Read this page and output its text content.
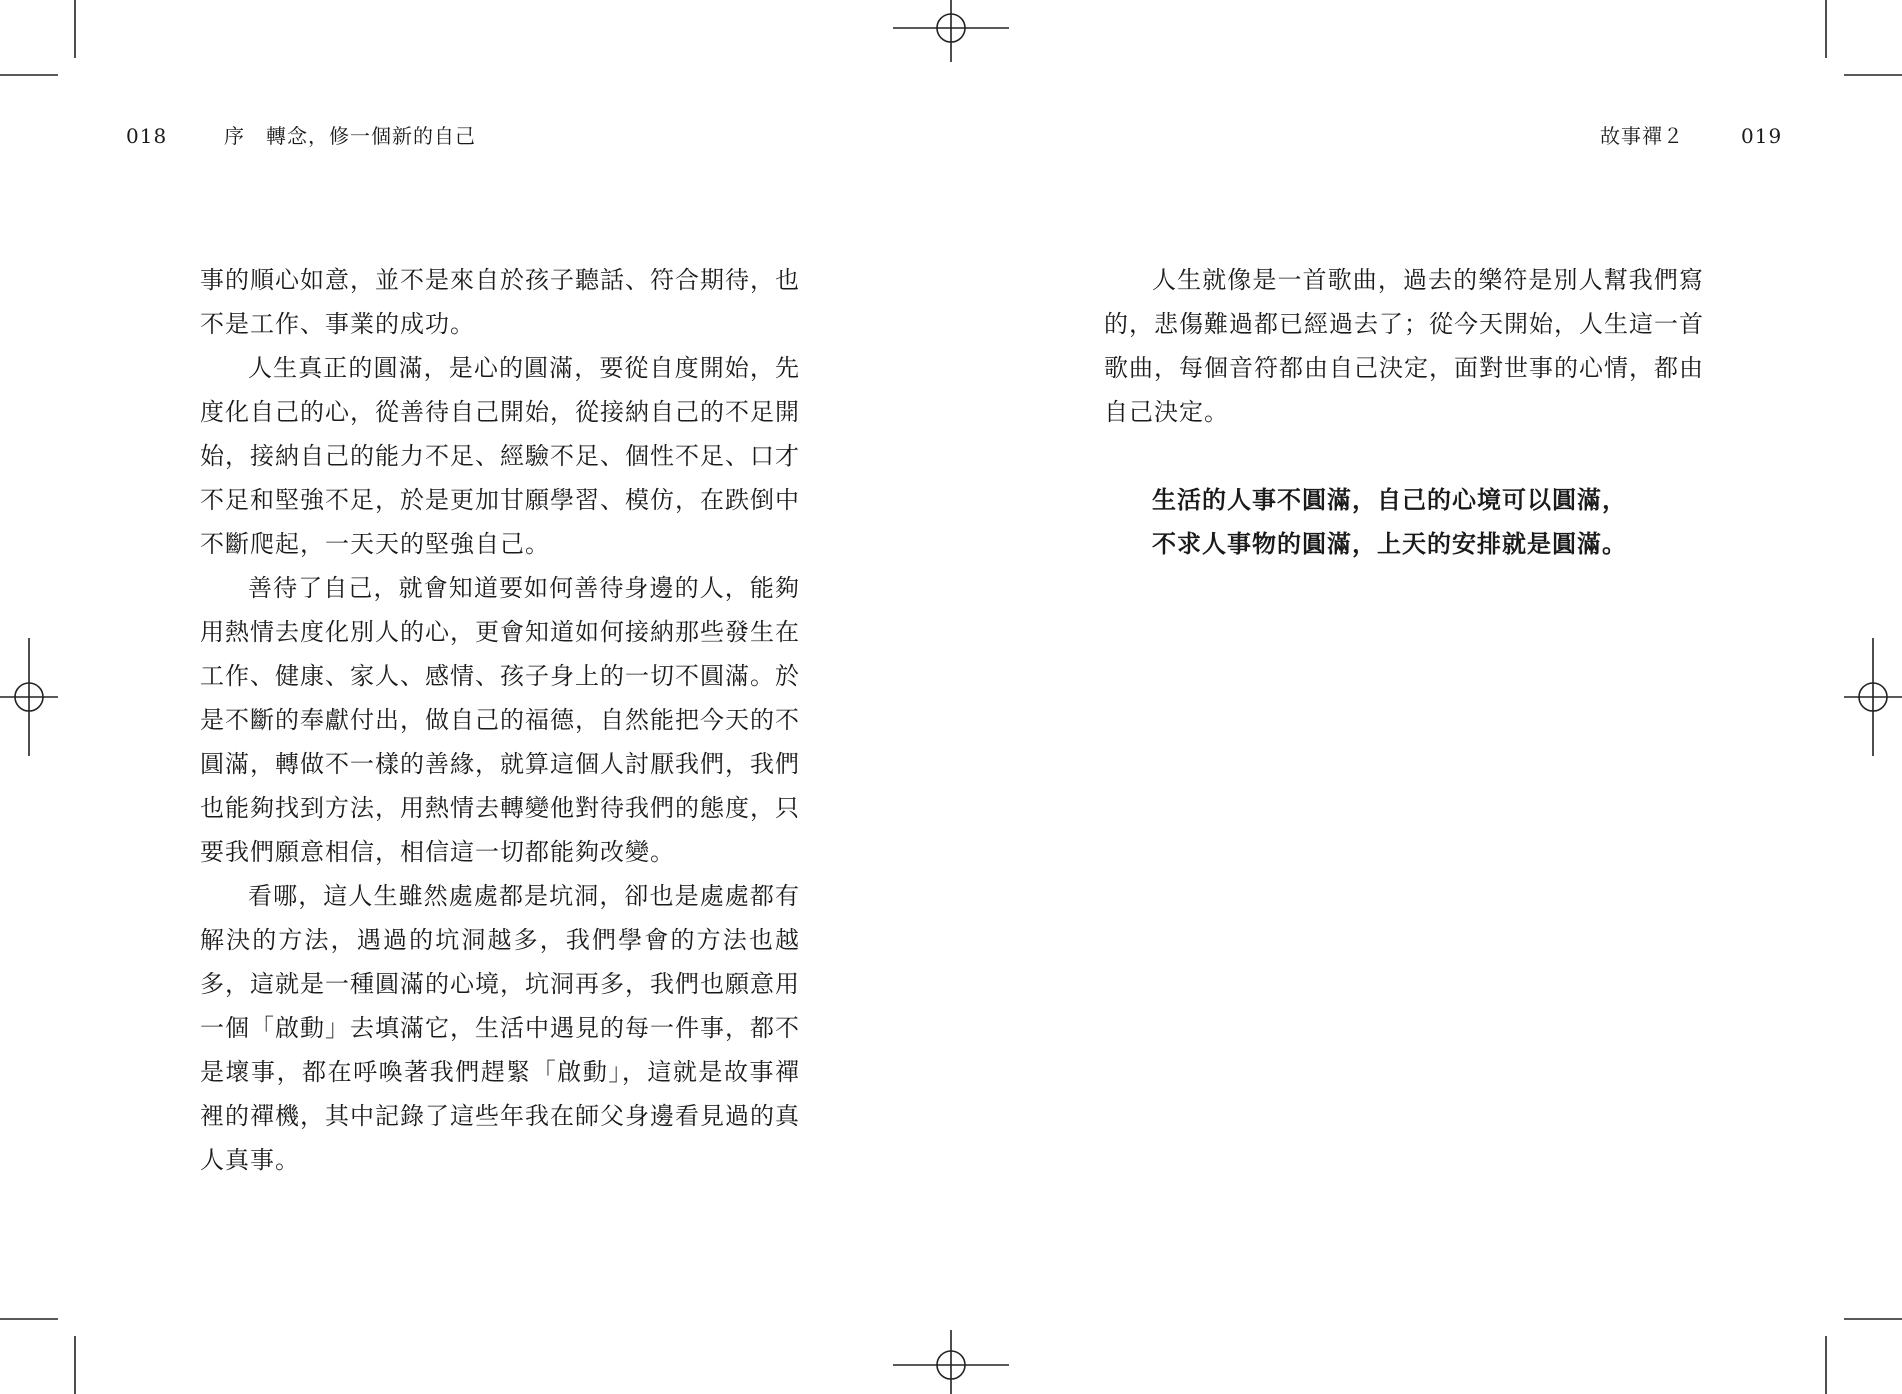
018	序　轉念，修一個新的自己	故事禪２	019

事的順心如意，並不是來自於孩子聽話、符合期待，也不是工作、事業的成功。

人生真正的圓滿，是心的圓滿，要從自度開始，先度化自己的心，從善待自己開始，從接納自己的不足開始，接納自己的能力不足、經驗不足、個性不足、口才不足和堅強不足，於是更加甘願學習、模仿，在跌倒中不斷爬起，一天天的堅強自己。

善待了自己，就會知道要如何善待身邊的人，能夠用熱情去度化別人的心，更會知道如何接納那些發生在工作、健康、家人、感情、孩子身上的一切不圓滿。於是不斷的奉獻付出，做自己的福德，自然能把今天的不圓滿，轉做不一樣的善緣，就算這個人討厭我們，我們也能夠找到方法，用熱情去轉變他對待我們的態度，只要我們願意相信，相信這一切都能夠改變。

看哪，這人生雖然處處都是坑洞，卻也是處處都有解決的方法，遇過的坑洞越多，我們學會的方法也越多，這就是一種圓滿的心境，坑洞再多，我們也願意用一個「啟動」去填滿它，生活中遇見的每一件事，都不是壞事，都在呼喚著我們趕緊「啟動」，這就是故事禪裡的禪機，其中記錄了這些年我在師父身邊看見過的真人真事。

人生就像是一首歌曲，過去的樂符是別人幫我們寫的，悲傷難過都已經過去了；從今天開始，人生這一首歌曲，每個音符都由自己決定，面對世事的心情，都由自己決定。

生活的人事不圓滿，自己的心境可以圓滿，

不求人事物的圓滿，上天的安排就是圓滿。
